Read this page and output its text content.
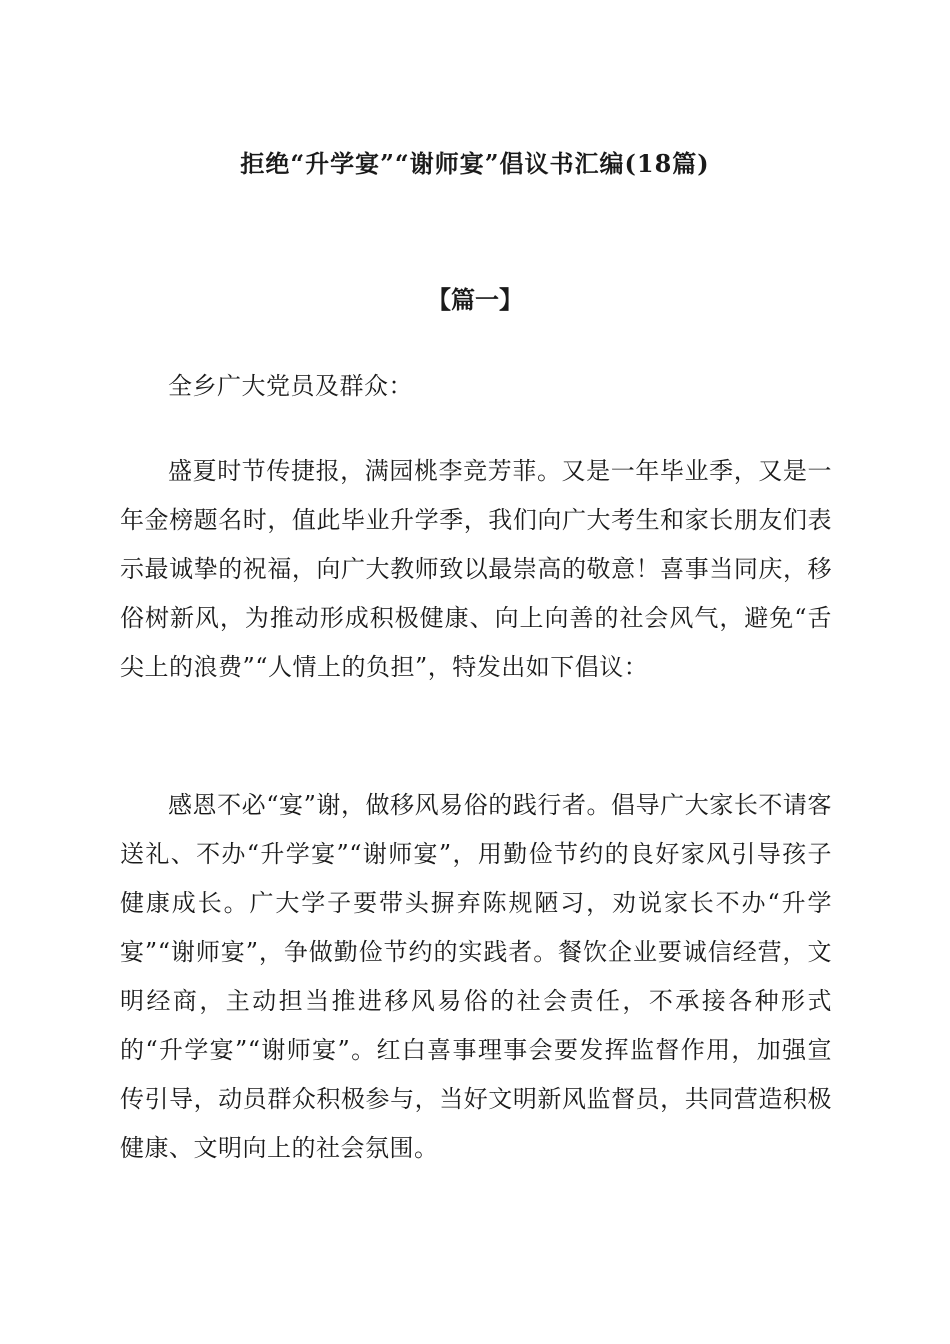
拒绝“升学宴”“谢师宴”倡议书汇编(18篇)
【篇一】

全乡广大党员及群众：

盛夏时节传捷报，满园桃李竞芳菲。又是一年毕业季，又是一年金榜题名时，值此毕业升学季，我们向广大考生和家长朋友们表示最诚挚的祝福，向广大教师致以最崇高的敬意！喜事当同庆，移俗树新风，为推动形成积极健康、向上向善的社会风气，避免“舌尖上的浪费”“人情上的负担”，特发出如下倡议：

感恩不必“宴”谢，做移风易俗的践行者。倡导广大家长不请客送礼、不办“升学宴”“谢师宴”，用勤俭节约的良好家风引导孩子健康成长。广大学子要带头摒弃陈规陋习，劝说家长不办“升学宴”“谢师宴”，争做勤俭节约的实践者。餐饮企业要诚信经营，文明经商，主动担当推进移风易俗的社会责任，不承接各种形式的“升学宴”“谢师宴”。红白喜事理事会要发挥监督作用，加强宣传引导，动员群众积极参与，当好文明新风监督员，共同营造积极健康、文明向上的社会氛围。
